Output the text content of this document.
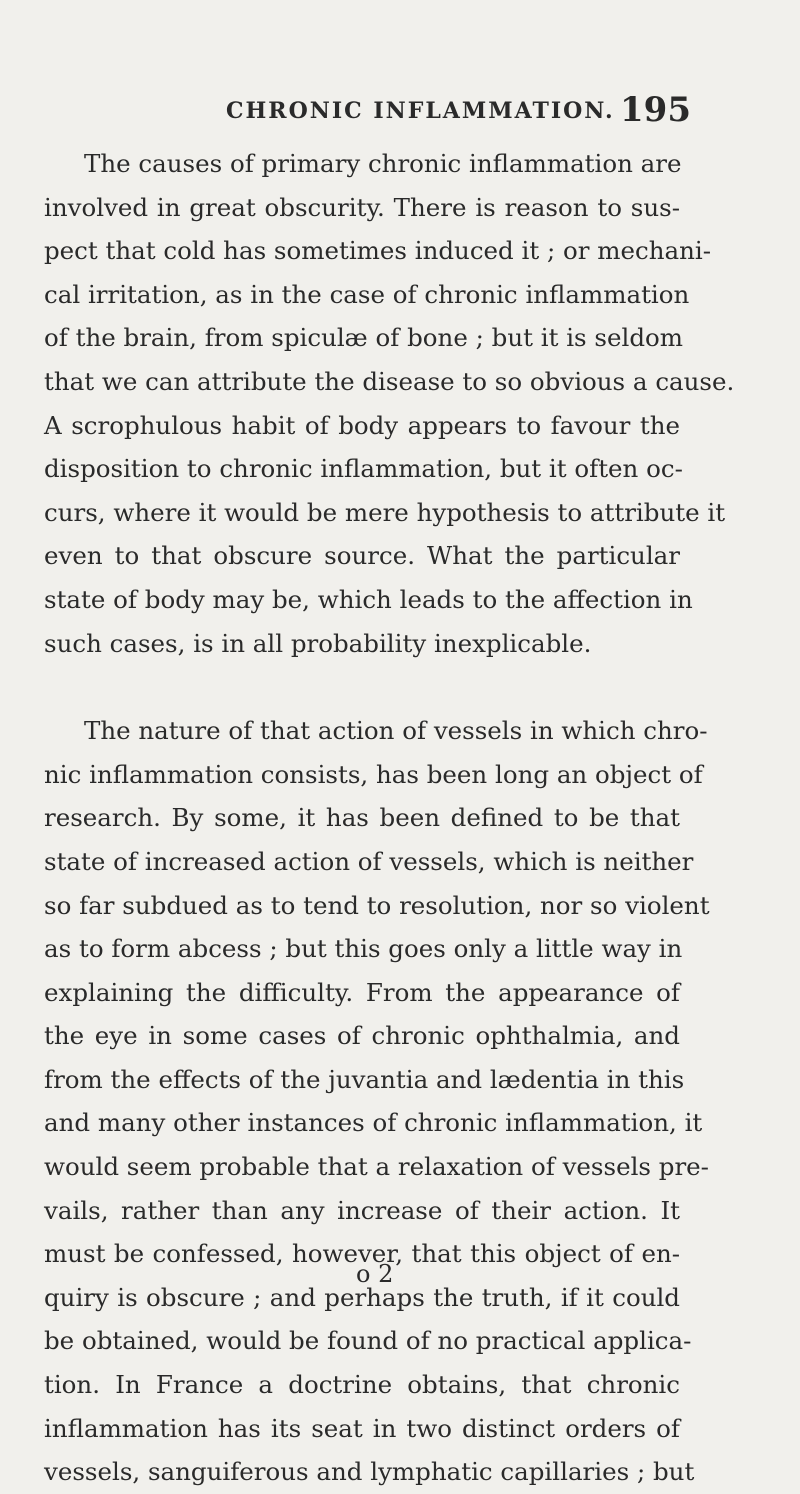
CHRONIC INFLAMMATION. 195
The causes of primary chronic inflammation are
involved in great obscurity. There is reason to sus-
pect that cold has sometimes induced it ; or mechani-
cal irritation, as in the case of chronic inflammation
of the brain, from spiculæ of bone ; but it is seldom
that we can attribute the disease to so obvious a cause.
A scrophulous habit of body appears to favour the
disposition to chronic inflammation, but it often oc-
curs, where it would be mere hypothesis to attribute it
even to that obscure source. What the particular
state of body may be, which leads to the affection in
such cases, is in all probability inexplicable.
The nature of that action of vessels in which chro-
nic inflammation consists, has been long an object of
research. By some, it has been defined to be that
state of increased action of vessels, which is neither
so far subdued as to tend to resolution, nor so violent
as to form abcess ; but this goes only a little way in
explaining the difficulty. From the appearance of
the eye in some cases of chronic ophthalmia, and
from the effects of the juvantia and lædentia in this
and many other instances of chronic inflammation, it
would seem probable that a relaxation of vessels pre-
vails, rather than any increase of their action. It
must be confessed, however, that this object of en-
quiry is obscure ; and perhaps the truth, if it could
be obtained, would be found of no practical applica-
tion. In France a doctrine obtains, that chronic
inflammation has its seat in two distinct orders of
vessels, sanguiferous and lymphatic capillaries ; but
o 2
